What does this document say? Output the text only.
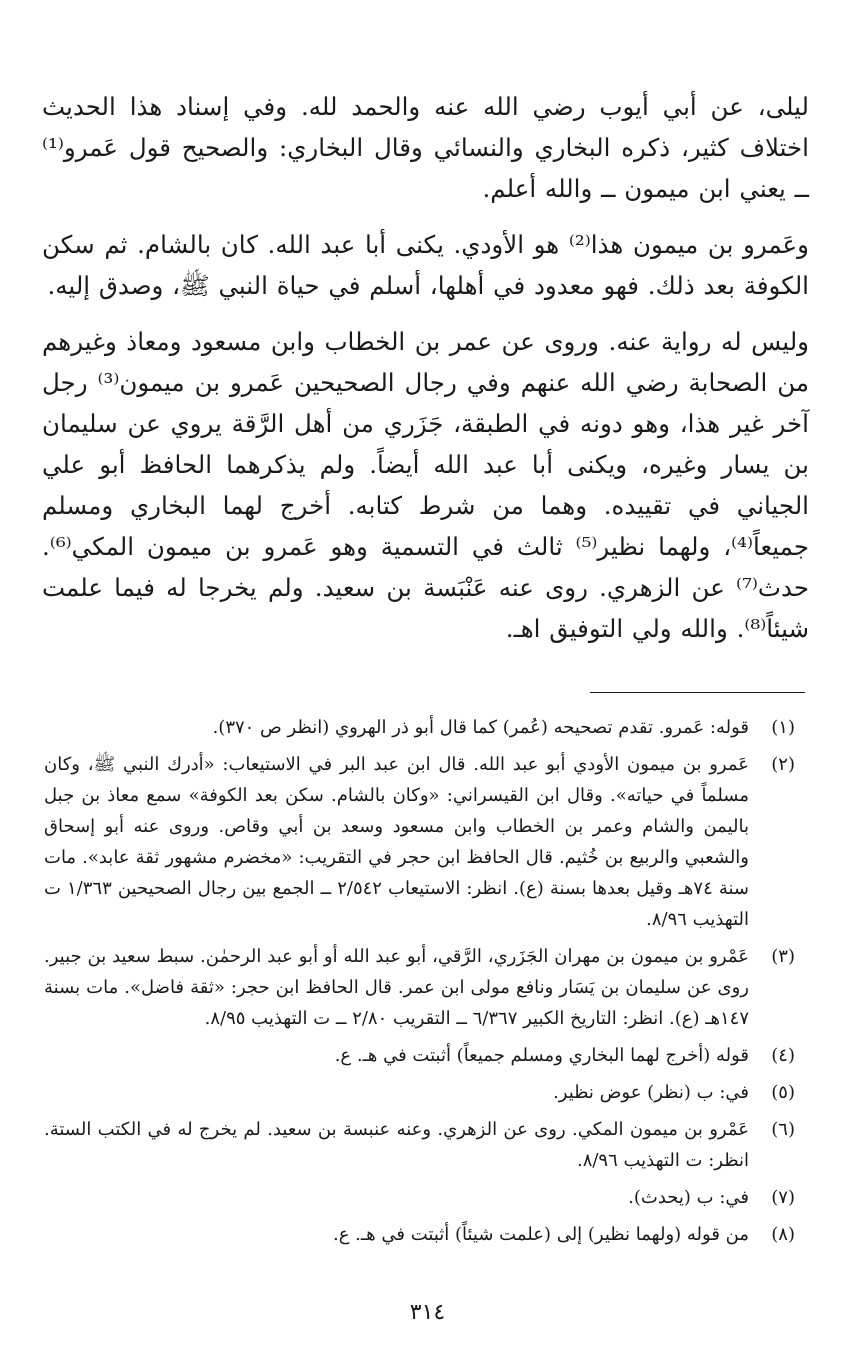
ليلى، عن أبي أيوب رضي الله عنه والحمد لله. وفي إسناد هذا الحديث اختلاف كثير، ذكره البخاري والنسائي وقال البخاري: والصحيح قول عَمرو⁽¹⁾ ــ يعني ابن ميمون ــ والله أعلم.

وعَمرو بن ميمون هذا⁽²⁾ هو الأودي. يكنى أبا عبد الله. كان بالشام. ثم سكن الكوفة بعد ذلك. فهو معدود في أهلها، أسلم في حياة النبي ﷺ، وصدق إليه.

وليس له رواية عنه. وروى عن عمر بن الخطاب وابن مسعود ومعاذ وغيرهم من الصحابة رضي الله عنهم وفي رجال الصحيحين عَمرو بن ميمون⁽³⁾ رجل آخر غير هذا، وهو دونه في الطبقة، جَزَري من أهل الرَّقة يروي عن سليمان بن يسار وغيره، ويكنى أبا عبد الله أيضاً. ولم يذكرهما الحافظ أبو علي الجياني في تقييده. وهما من شرط كتابه. أخرج لهما البخاري ومسلم جميعاً⁽⁴⁾، ولهما نظير⁽⁵⁾ ثالث في التسمية وهو عَمرو بن ميمون المكي⁽⁶⁾. حدث⁽⁷⁾ عن الزهري. روى عنه عَنْبَسة بن سعيد. ولم يخرجا له فيما علمت شيئاً⁽⁸⁾. والله ولي التوفيق اهـ.

(١)
قوله: عَمرو. تقدم تصحيحه (عُمر) كما قال أبو ذر الهروي (انظر ص ٣٧٠).
(٢)
عَمرو بن ميمون الأودي أبو عبد الله. قال ابن عبد البر في الاستيعاب: «أدرك النبي ﷺ، وكان مسلماً في حياته». وقال ابن القيسراني: «وكان بالشام. سكن بعد الكوفة» سمع معاذ بن جبل باليمن والشام وعمر بن الخطاب وابن مسعود وسعد بن أبي وقاص. وروى عنه أبو إسحاق والشعبي والربيع بن خُثيم. قال الحافظ ابن حجر في التقريب: «مخضرم مشهور ثقة عابد». مات سنة ٧٤هـ وقيل بعدها بسنة (ع). انظر: الاستيعاب ٢/٥٤٢ ــ الجمع بين رجال الصحيحين ١/٣٦٣ ت التهذيب ٨/٩٦.
(٣)
عَمْرو بن ميمون بن مهران الجَزَري، الرَّقي، أبو عبد الله أو أبو عبد الرحمٰن. سبط سعيد بن جبير. روى عن سليمان بن يَسَار ونافع مولى ابن عمر. قال الحافظ ابن حجر: «ثقة فاضل». مات بسنة ١٤٧هـ (ع). انظر: التاريخ الكبير ٦/٣٦٧ ــ التقريب ٢/٨٠ ــ ت التهذيب ٨/٩٥.
(٤)
قوله (أخرج لهما البخاري ومسلم جميعاً) أثبتت في هـ. ع.
(٥)
في: ب (نظر) عوض نظير.
(٦)
عَمْرو بن ميمون المكي. روى عن الزهري. وعنه عنبسة بن سعيد. لم يخرج له في الكتب الستة. انظر: ت التهذيب ٨/٩٦.
(٧)
في: ب (يحدث).
(٨)
من قوله (ولهما نظير) إلى (علمت شيئاً) أثبتت في هـ. ع.
٣١٤
